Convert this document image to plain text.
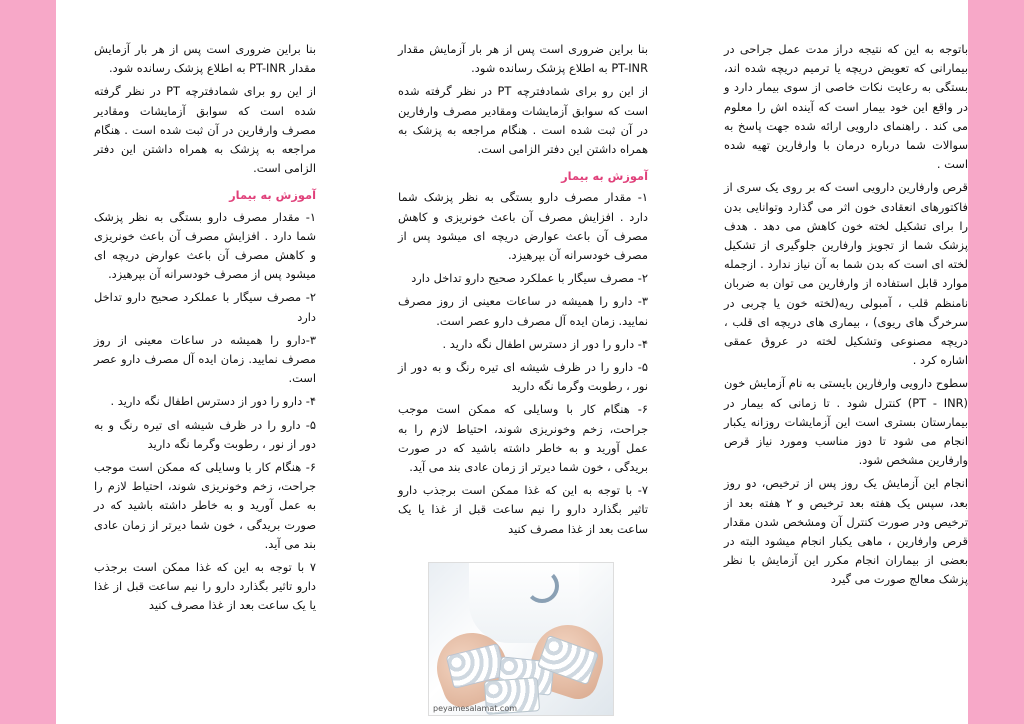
باتوجه به این که نتیجه دراز مدت عمل جراحی در بیمارانی که تعویض دریچه یا ترمیم دریچه شده اند، بستگی به رعایت نکات خاصی از سوی بیمار دارد و در واقع این خود بیمار است که آینده اش را معلوم می کند . راهنمای دارویی ارائه شده جهت پاسخ به سوالات شما درباره درمان با وارفارین تهیه شده است .

قرص وارفارین دارویی است که بر روی یک سری از فاکتورهای انعقادی خون اثر می گذارد وتوانایی بدن را برای تشکیل لخته خون کاهش می دهد . هدف پزشک شما از تجویز وارفارین جلوگیری از تشکیل لخته ای است که بدن شما به آن نیاز ندارد . ازجمله موارد قابل استفاده از وارفارین می توان به ضربان نامنظم قلب ، آمبولی ریه(لخته خون یا چربی در سرخرگ های ریوی) ، بیماری های دریچه ای قلب ، دریچه مصنوعی وتشکیل لخته در عروق عمقی اشاره کرد .

سطوح دارویی وارفارین بایستی به نام آزمایش خون (PT - INR) کنترل شود . تا زمانی که بیمار در بیمارستان بستری است این آزمایشات روزانه یکبار انجام می شود تا دوز مناسب ومورد نیاز قرص وارفارین مشخص شود.

انجام این آزمایش یک روز پس از ترخیص، دو روز بعد، سپس یک هفته بعد ترخیص و ۲ هفته بعد از ترخیص ودر صورت کنترل آن ومشخص شدن مقدار قرص وارفارین ، ماهی یکبار انجام میشود البته در بعضی از بیماران انجام مکرر این آزمایش با نظر پزشک معالج صورت می گیرد

بنا براین ضروری است پس از هر بار آزمایش مقدار PT-INR به اطلاع پزشک رسانده شود.

از این رو برای شمادفترچه PT در نظر گرفته شده است که سوابق آزمایشات ومقادیر مصرف وارفارین در آن ثبت شده است . هنگام مراجعه به پزشک به همراه داشتن این دفتر الزامی است.

آموزش به بیمار

۱- مقدار مصرف دارو بستگی به نظر پزشک شما دارد . افزایش مصرف آن باعث خونریزی و کاهش مصرف آن باعث عوارض دریچه ای میشود پس از مصرف خودسرانه آن بپرهیزد.

۲- مصرف سیگار با عملکرد صحیح دارو تداخل دارد

۳- دارو را همیشه در ساعات معینی از روز مصرف نمایید. زمان ایده آل مصرف دارو عصر است.

۴- دارو را دور از دسترس اطفال نگه دارید .

۵- دارو را در ظرف شیشه ای تیره رنگ و به دور از نور ، رطوبت وگرما نگه دارید

۶- هنگام کار با وسایلی که ممکن است موجب جراحت، زخم وخونریزی شوند، احتیاط لازم را به عمل آورید و به خاطر داشته باشید که در صورت بریدگی ، خون شما دیرتر از زمان عادی بند می آید.

۷- با توجه به این که غذا ممکن است برجذب دارو تاثیر بگذارد دارو را نیم ساعت قبل از غذا یا یک ساعت بعد از غذا مصرف کنید

بنا براین ضروری است پس از هر بار آزمایش مقدار PT-INR به اطلاع پزشک رسانده شود.

از این رو برای شمادفترچه PT در نظر گرفته شده است که سوابق آزمایشات ومقادیر مصرف وارفارین در آن ثبت شده است . هنگام مراجعه به پزشک به همراه داشتن این دفتر الزامی است.

آموزش به بیمار

۱- مقدار مصرف دارو بستگی به نظر پزشک شما دارد . افزایش مصرف آن باعث خونریزی و کاهش مصرف آن باعث عوارض دریچه ای میشود پس از مصرف خودسرانه آن بپرهیزد.

۲- مصرف سیگار با عملکرد صحیح دارو تداخل دارد

۳-دارو را همیشه در ساعات معینی از روز مصرف نمایید. زمان ایده آل مصرف دارو عصر است.

۴- دارو را دور از دسترس اطفال نگه دارید .

۵- دارو را در ظرف شیشه ای تیره رنگ و به دور از نور ، رطوبت وگرما نگه دارید

۶- هنگام کار با وسایلی که ممکن است موجب جراحت، زخم وخونریزی شوند، احتیاط لازم را به عمل آورید و به خاطر داشته باشید که در صورت بریدگی ، خون شما دیرتر از زمان عادی بند می آید.

۷ با توجه به این که غذا ممکن است برجذب دارو تاثیر بگذارد دارو را نیم ساعت قبل از غذا یا یک ساعت بعد از غذا مصرف کنید

peyamesalamat.com
